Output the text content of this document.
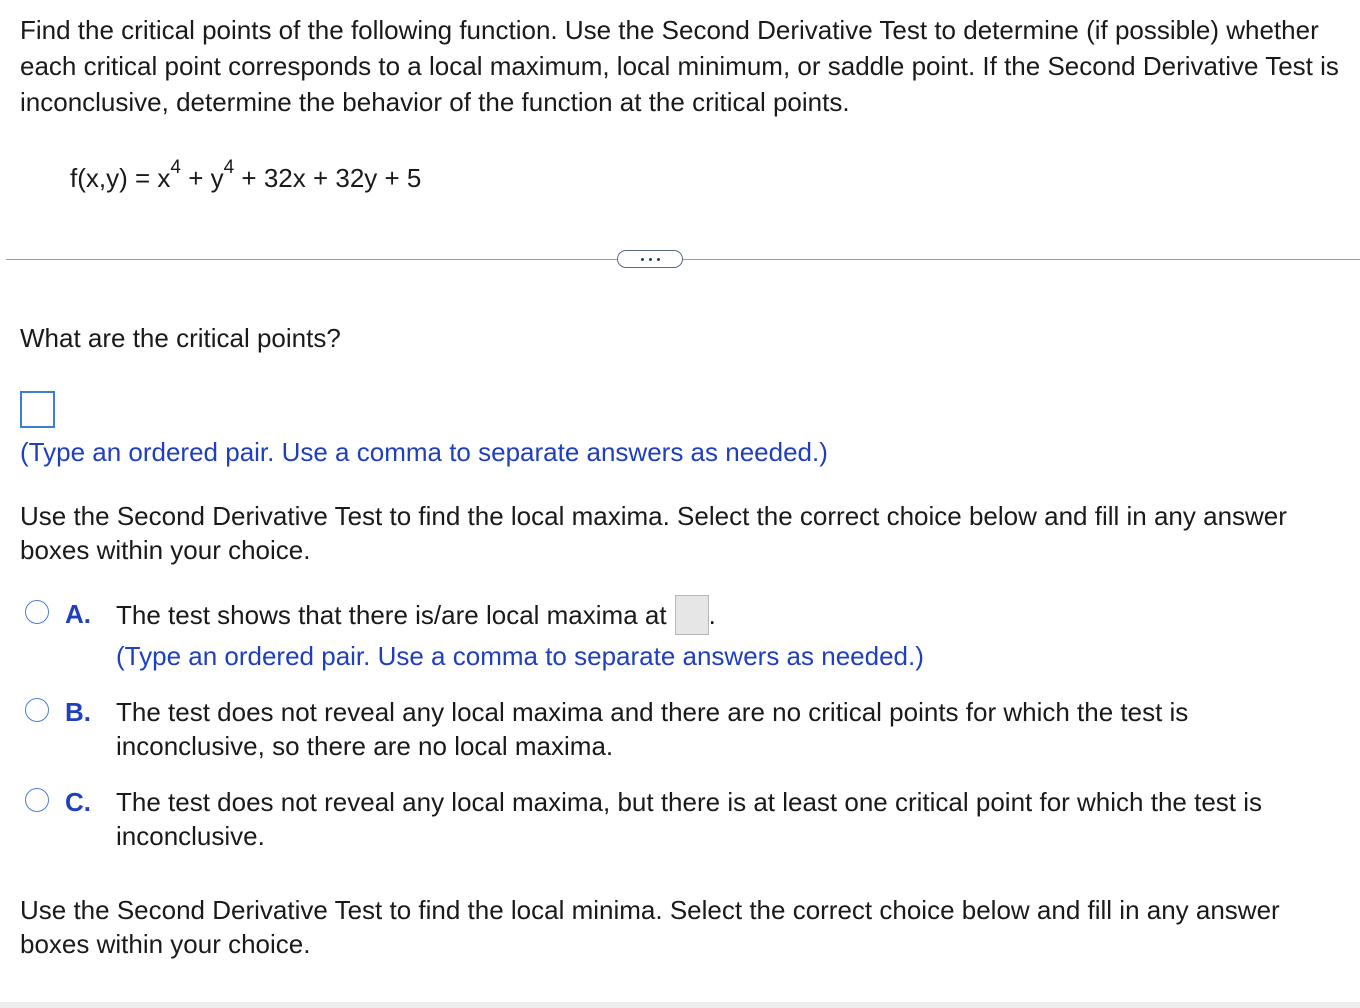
Find the critical points of the following function. Use the Second Derivative Test to determine (if possible) whether each critical point corresponds to a local maximum, local minimum, or saddle point. If the Second Derivative Test is inconclusive, determine the behavior of the function at the critical points.

$f(x,y) = x^4 + y^4 + 32x + 32y + 5$

What are the critical points?

(Type an ordered pair. Use a comma to separate answers as needed.)

Use the Second Derivative Test to find the local maxima. Select the correct choice below and fill in any answer boxes within your choice.

A. The test shows that there is/are local maxima at .
(Type an ordered pair. Use a comma to separate answers as needed.)
B. The test does not reveal any local maxima and there are no critical points for which the test is inconclusive, so there are no local maxima.
C. The test does not reveal any local maxima, but there is at least one critical point for which the test is inconclusive.

Use the Second Derivative Test to find the local minima. Select the correct choice below and fill in any answer boxes within your choice.
